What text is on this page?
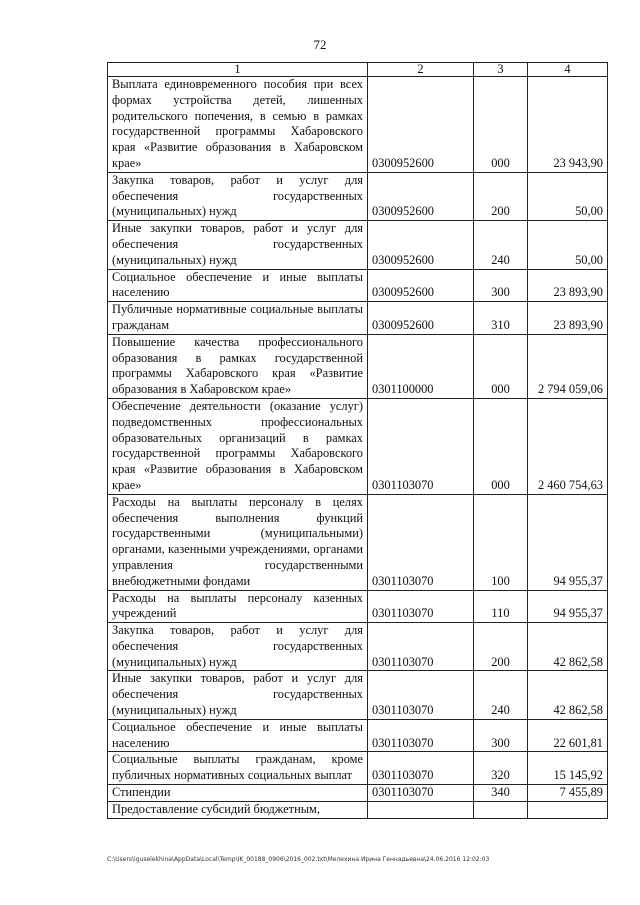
72
1	2	3	4
Выплата единовременного пособия при всех формах устройства детей, лишенных родительского попечения, в семью в рамках государственной программы Хабаровского края «Развитие образования в Хабаровском крае»	0300952600	000	23 943,90
Закупка товаров, работ и услуг для обеспечения государственных (муниципальных) нужд	0300952600	200	50,00
Иные закупки товаров, работ и услуг для обеспечения государственных (муниципальных) нужд	0300952600	240	50,00
Социальное обеспечение и иные выплаты населению	0300952600	300	23 893,90
Публичные нормативные социальные выплаты гражданам	0300952600	310	23 893,90
Повышение качества профессионального образования в рамках государственной программы Хабаровского края «Развитие образования в Хабаровском крае»	0301100000	000	2 794 059,06
Обеспечение деятельности (оказание услуг) подведомственных профессиональных образовательных организаций в рамках государственной программы Хабаровского края «Развитие образования в Хабаровском крае»	0301103070	000	2 460 754,63
Расходы на выплаты персоналу в целях обеспечения выполнения функций государственными (муниципальными) органами, казенными учреждениями, органами управления государственными внебюджетными фондами	0301103070	100	94 955,37
Расходы на выплаты персоналу казенных учреждений	0301103070	110	94 955,37
Закупка товаров, работ и услуг для обеспечения государственных (муниципальных) нужд	0301103070	200	42 862,58
Иные закупки товаров, работ и услуг для обеспечения государственных (муниципальных) нужд	0301103070	240	42 862,58
Социальное обеспечение и иные выплаты населению	0301103070	300	22 601,81
Социальные выплаты гражданам, кроме публичных нормативных социальных выплат	0301103070	320	15 145,92
Стипендии	0301103070	340	7 455,89
Предоставление субсидий бюджетным,			
C:\Users\iguselekhina\AppData\Local\Temp\IK_00188_0906\2016_002.txt\Мелехина Ирина Геннадьевна\24.06.2016 12:02:03
